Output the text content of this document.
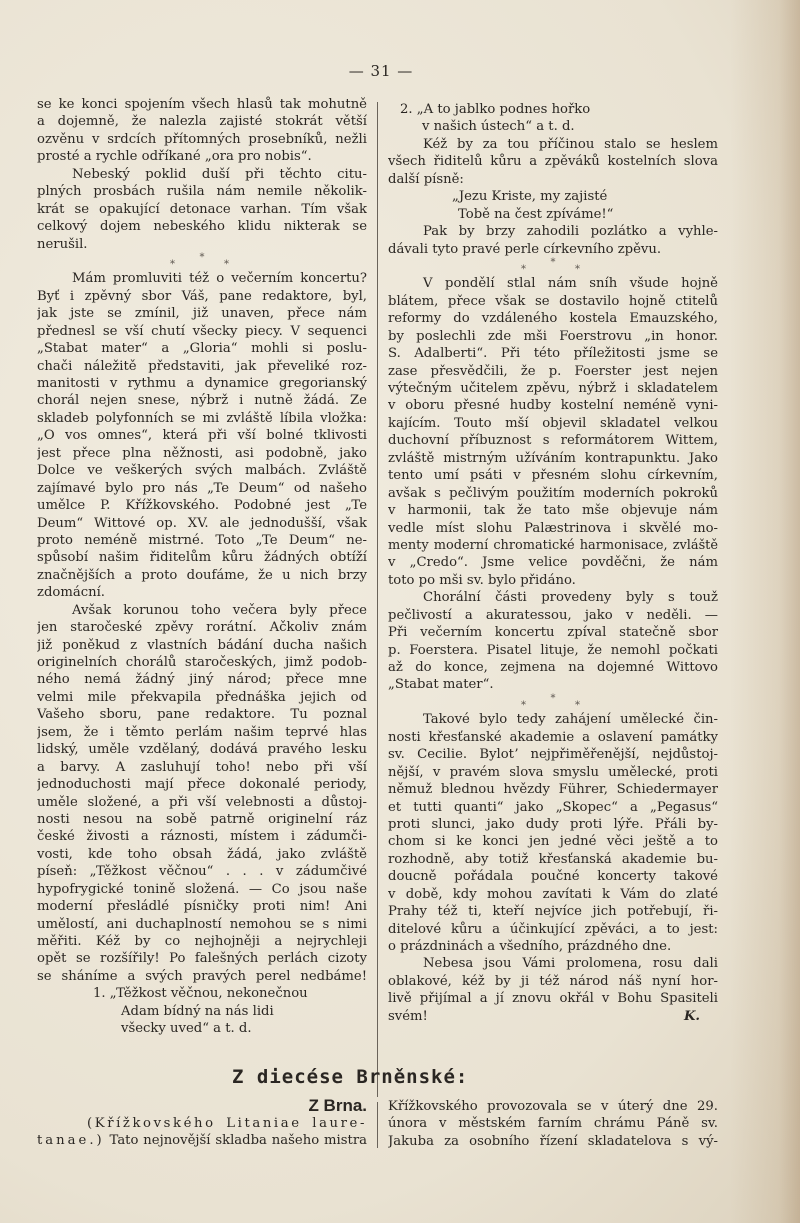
— 31 —
se ke konci spojením všech hlasů tak mohutně
a dojemně, že nalezla zajisté stokrát větší
ozvěnu v srdcích přítomných prosebníků, nežli
prosté a rychle odříkané „ora pro nobis“.
Nebeský poklid duší při těchto citu-
plných prosbách rušila nám nemile několik-
krát se opakující detonace varhan. Tím však
celkový dojem nebeského klidu nikterak se
nerušil.
*
*	*
Mám promluviti též o večerním koncertu?
Byť i zpěvný sbor Váš, pane redaktore, byl,
jak jste se zmínil, již unaven, přece nám
přednesl se vší chutí všecky piecy. V sequenci
„Stabat mater“ a „Gloria“ mohli si poslu-
chači náležitě představiti, jak převeliké roz-
manitosti v rythmu a dynamice gregorianský
chorál nejen snese, nýbrž i nutně žádá. Ze
skladeb polyfonních se mi zvláště líbila vložka:
„O vos omnes“, která při vší bolné tklivosti
jest přece plna něžnosti, asi podobně, jako
Dolce ve veškerých svých malbách. Zvláště
zajímavé bylo pro nás „Te Deum“ od našeho
umělce P. Křížkovského. Podobné jest „Te
Deum“ Wittové op. XV. ale jednodušší, však
proto neméně mistrné. Toto „Te Deum“ ne-
spůsobí našim řiditelům kůru žádných obtíží
značnějších a proto doufáme, že u nich brzy
zdomácní.
Avšak korunou toho večera byly přece
jen staročeské zpěvy rorátní. Ačkoliv znám
již poněkud z vlastních bádání ducha našich
originelních chorálů staročeských, jimž podob-
ného nemá žádný jiný národ; přece mne
velmi mile překvapila přednáška jejich od
Vašeho sboru, pane redaktore. Tu poznal
jsem, že i těmto perlám našim teprvé hlas
lidský, uměle vzdělaný, dodává pravého lesku
a barvy. A zasluhují toho! nebo při vší
jednoduchosti mají přece dokonalé periody,
uměle složené, a při vší velebnosti a důstoj-
nosti nesou na sobě patrně originelní ráz
české živosti a ráznosti, místem i zádumči-
vosti, kde toho obsah žádá, jako zvláště
píseň: „Těžkost věčnou“ . . . v zádumčivé
hypofrygické tonině složená. — Co jsou naše
moderní přesládlé písničky proti nim! Ani
umělostí, ani duchaplností nemohou se s nimi
měřiti. Kéž by co nejhojněji a nejrychleji
opět se rozšířily! Po falešných perlách cizoty
se sháníme a svých pravých perel nedbáme!
1. „Těžkost věčnou, nekonečnou
Adam bídný na nás lidi
všecky uved“ a t. d.
2. „A to jablko podnes hořko
v našich ústech“ a t. d.
Kéž by za tou příčinou stalo se heslem
všech řiditelů kůru a zpěváků kostelních slova
další písně:
„Jezu Kriste, my zajisté
Tobě na čest zpíváme!“
Pak by brzy zahodili pozlátko a vyhle-
dávali tyto pravé perle církevního zpěvu.
*
*	*
V pondělí stlal nám sníh všude hojně
blátem, přece však se dostavilo hojně ctitelů
reformy do vzdáleného kostela Emauzského,
by poslechli zde mši Foerstrovu „in honor.
S. Adalberti“. Při této příležitosti jsme se
zase přesvědčili, že p. Foerster jest nejen
výtečným učitelem zpěvu, nýbrž i skladatelem
v oboru přesné hudby kostelní neméně vyni-
kajícím. Touto mší objevil skladatel velkou
duchovní příbuznost s reformátorem Wittem,
zvláště mistrným užíváním kontrapunktu. Jako
tento umí psáti v přesném slohu církevním,
avšak s pečlivým použitím moderních pokroků
v harmonii, tak že tato mše objevuje nám
vedle míst slohu Palæstrinova i skvělé mo-
menty moderní chromatické harmonisace, zvláště
v „Credo“. Jsme velice povděčni, že nám
toto po mši sv. bylo přidáno.
Chorální části provedeny byly s touž
pečlivostí a akuratessou, jako v neděli. —
Při večerním koncertu zpíval statečně sbor
p. Foerstera. Pisatel lituje, že nemohl počkati
až do konce, zejmena na dojemné Wittovo
„Stabat mater“.
*
*	*
Takové bylo tedy zahájení umělecké čin-
nosti křesťanské akademie a oslavení památky
sv. Cecilie. Bylotʼ nejpřiměřenější, nejdůstoj-
nější, v pravém slova smyslu umělecké, proti
němuž blednou hvězdy Führer, Schiedermayer
et tutti quanti“ jako „Skopec“ a „Pegasus“
proti slunci, jako dudy proti lýře. Přáli by-
chom si ke konci jen jedné věci ještě a to
rozhodně, aby totiž křesťanská akademie bu-
doucně pořádala poučné koncerty takové
v době, kdy mohou zavítati k Vám do zlaté
Prahy též ti, kteří nejvíce jich potřebují, ři-
ditelové kůru a účinkující zpěváci, a to jest:
o prázdninách a všedního, prázdného dne.
Nebesa jsou Vámi prolomena, rosu dali
oblakové, kéž by ji též národ náš nyní hor-
livě přijímal a jí znovu okřál v Bohu Spasiteli
svém!	K.
Z diecése Brněnské:
Z Brna.
(Křížkovského Litaniae laure-
tanae.) Tato nejnovější skladba našeho mistra
Křížkovského provozovala se v úterý dne 29.
února v městském farním chrámu Páně sv.
Jakuba za osobního řízení skladatelova s vý-
